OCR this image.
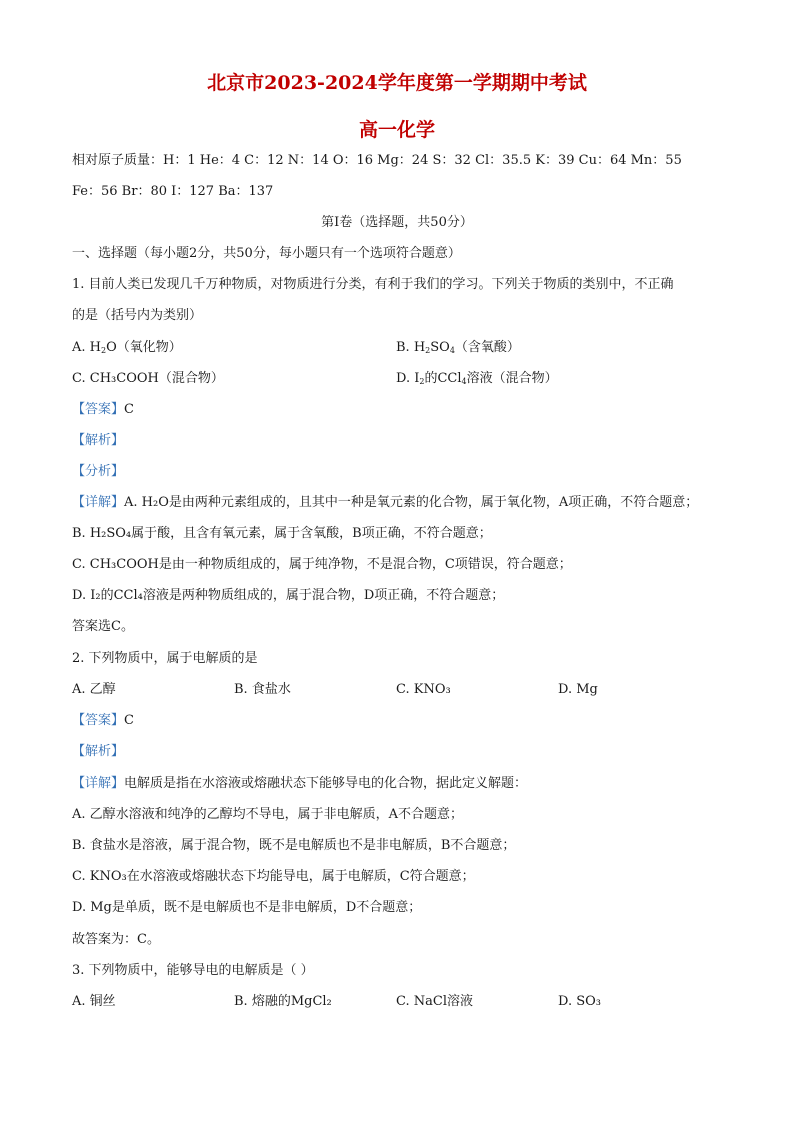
北京市2023-2024学年度第一学期期中考试
高一化学
相对原子质量：H：1 He：4 C：12 N：14 O：16 Mg：24 S：32 Cl：35.5 K：39 Cu：64 Mn：55
Fe：56 Br：80 I：127 Ba：137
第Ⅰ卷（选择题，共50分）
一、选择题（每小题2分，共50分，每小题只有一个选项符合题意）
1. 目前人类已发现几千万种物质，对物质进行分类，有利于我们的学习。下列关于物质的类别中，不正确
的是（括号内为类别）
A. $H_2O$（氧化物）	B. $H_2SO_4$（含氧酸）
C. CH₃COOH（混合物）	D. $I_2$的CCl$_4$溶液（混合物）
【答案】C
【解析】
【分析】
【详解】A. H₂O是由两种元素组成的，且其中一种是氧元素的化合物，属于氧化物，A项正确，不符合题意；
B. H₂SO₄属于酸，且含有氧元素，属于含氧酸，B项正确，不符合题意；
C. CH₃COOH是由一种物质组成的，属于纯净物，不是混合物，C项错误，符合题意；
D. I₂的CCl₄溶液是两种物质组成的，属于混合物，D项正确，不符合题意；
答案选C。
2. 下列物质中，属于电解质的是
A. 乙醇	B. 食盐水	C. KNO₃	D. Mg
【答案】C
【解析】
【详解】电解质是指在水溶液或熔融状态下能够导电的化合物，据此定义解题：
A. 乙醇水溶液和纯净的乙醇均不导电，属于非电解质，A不合题意；
B. 食盐水是溶液，属于混合物，既不是电解质也不是非电解质，B不合题意；
C. KNO₃在水溶液或熔融状态下均能导电，属于电解质，C符合题意；
D. Mg是单质，既不是电解质也不是非电解质，D不合题意；
故答案为：C。
3. 下列物质中，能够导电的电解质是（ ）
A. 铜丝	B. 熔融的MgCl₂	C. NaCl溶液	D. SO₃
